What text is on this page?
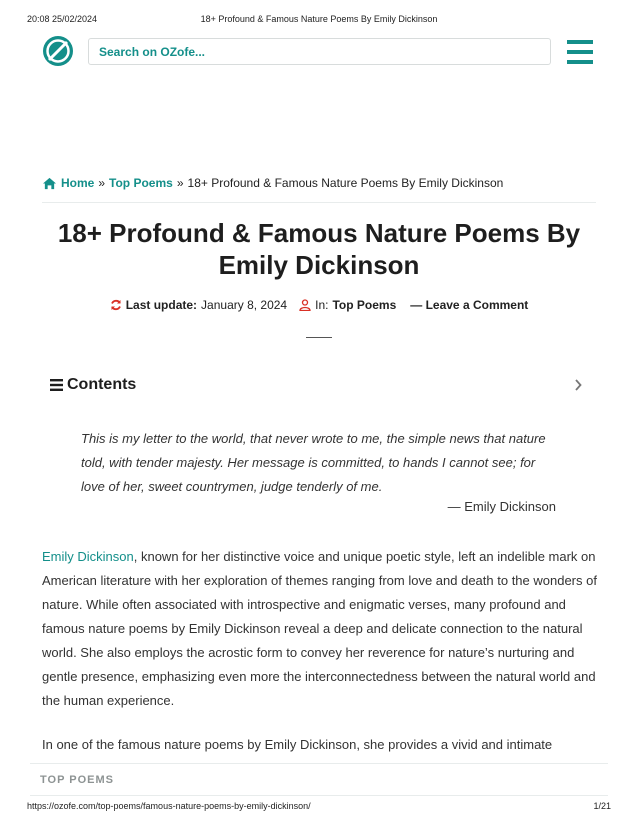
20:08 25/02/2024	18+ Profound & Famous Nature Poems By Emily Dickinson
Search on OZofe...
Home » Top Poems » 18+ Profound & Famous Nature Poems By Emily Dickinson
18+ Profound & Famous Nature Poems By Emily Dickinson
Last update: January 8, 2024 In: Top Poems — Leave a Comment
Contents
This is my letter to the world, that never wrote to me, the simple news that nature told, with tender majesty. Her message is committed, to hands I cannot see; for love of her, sweet countrymen, judge tenderly of me.
— Emily Dickinson

Emily Dickinson, known for her distinctive voice and unique poetic style, left an indelible mark on American literature with her exploration of themes ranging from love and death to the wonders of nature. While often associated with introspective and enigmatic verses, many profound and famous nature poems by Emily Dickinson reveal a deep and delicate connection to the natural world. She also employs the acrostic form to convey her reverence for nature’s nurturing and gentle presence, emphasizing even more the interconnectedness between the natural world and the human experience.

In one of the famous nature poems by Emily Dickinson, she provides a vivid and intimate

TOP POEMS
https://ozofe.com/top-poems/famous-nature-poems-by-emily-dickinson/	1/21
